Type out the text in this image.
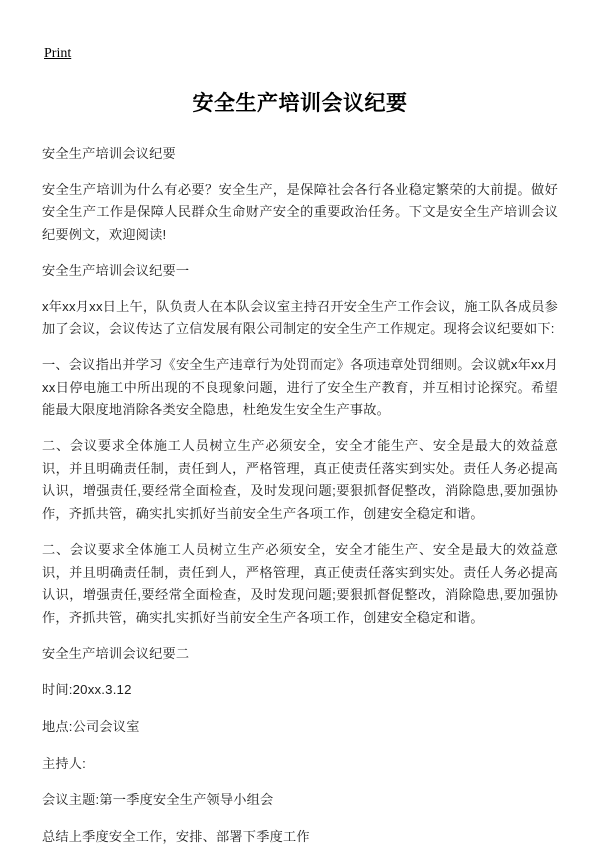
Print
安全生产培训会议纪要

安全生产培训会议纪要

安全生产培训为什么有必要？安全生产，是保障社会各行各业稳定繁荣的大前提。做好安全生产工作是保障人民群众生命财产安全的重要政治任务。下文是安全生产培训会议纪要例文，欢迎阅读!

安全生产培训会议纪要一

x年xx月xx日上午，队负责人在本队会议室主持召开安全生产工作会议，施工队各成员参加了会议，会议传达了立信发展有限公司制定的安全生产工作规定。现将会议纪要如下:

一、会议指出并学习《安全生产违章行为处罚而定》各项违章处罚细则。会议就x年xx月xx日停电施工中所出现的不良现象问题，进行了安全生产教育，并互相讨论探究。希望能最大限度地消除各类安全隐患，杜绝发生安全生产事故。

二、会议要求全体施工人员树立生产必须安全，安全才能生产、安全是最大的效益意识，并且明确责任制，责任到人，严格管理，真正使责任落实到实处。责任人务必提高认识，增强责任,要经常全面检查，及时发现问题;要狠抓督促整改，消除隐患,要加强协作，齐抓共管，确实扎实抓好当前安全生产各项工作，创建安全稳定和谐。

二、会议要求全体施工人员树立生产必须安全，安全才能生产、安全是最大的效益意识，并且明确责任制，责任到人，严格管理，真正使责任落实到实处。责任人务必提高认识，增强责任,要经常全面检查，及时发现问题;要狠抓督促整改，消除隐患,要加强协作，齐抓共管，确实扎实抓好当前安全生产各项工作，创建安全稳定和谐。

安全生产培训会议纪要二

时间:20xx.3.12

地点:公司会议室

主持人:

会议主题:第一季度安全生产领导小组会

总结上季度安全工作，安排、部署下季度工作
